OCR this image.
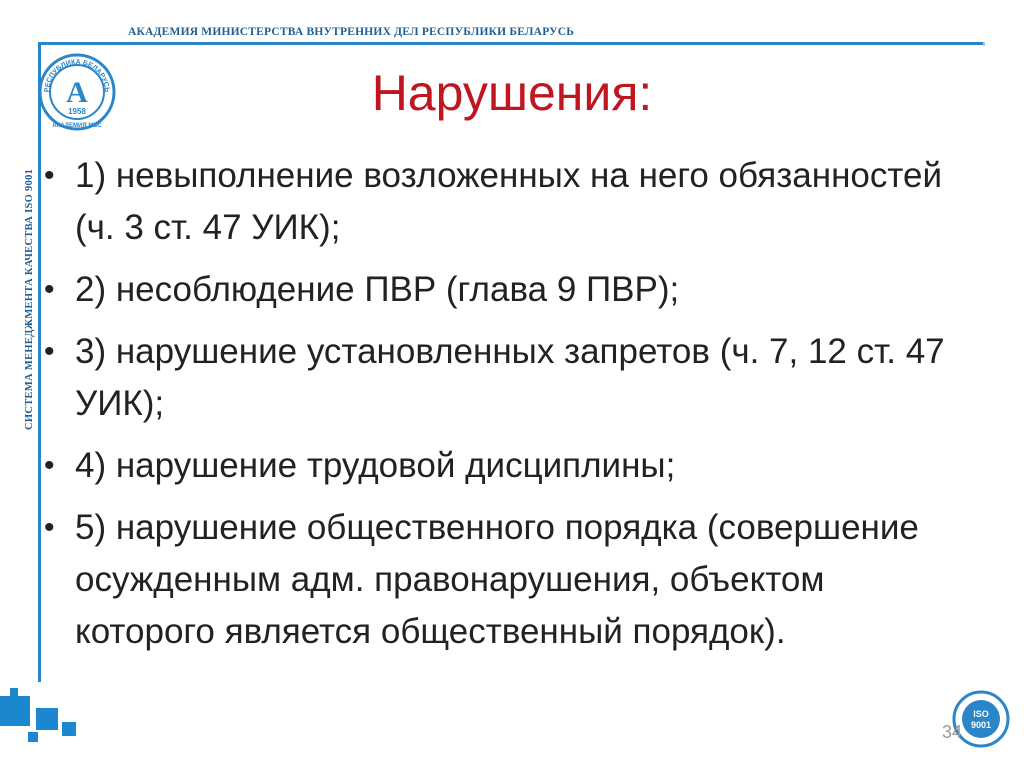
АКАДЕМИЯ МИНИСТЕРСТВА ВНУТРЕННИХ ДЕЛ РЕСПУБЛИКИ БЕЛАРУСЬ
РЕСПУБЛИКА БЕЛАРУСЬ
А
1958
АКАДЕМИЯ МВС
СИСТЕМА МЕНЕДЖМЕНТА КАЧЕСТВА ISO 9001
Нарушения:
• 1) невыполнение возложенных на него обязанностей (ч. 3 ст. 47 УИК);
• 2) несоблюдение ПВР (глава 9 ПВР);
• 3) нарушение установленных запретов (ч. 7, 12 ст. 47 УИК);
• 4) нарушение трудовой дисциплины;
• 5) нарушение общественного порядка (совершение осужденным адм. правонарушения, объектом которого является общественный порядок).
ISO
9001
34
